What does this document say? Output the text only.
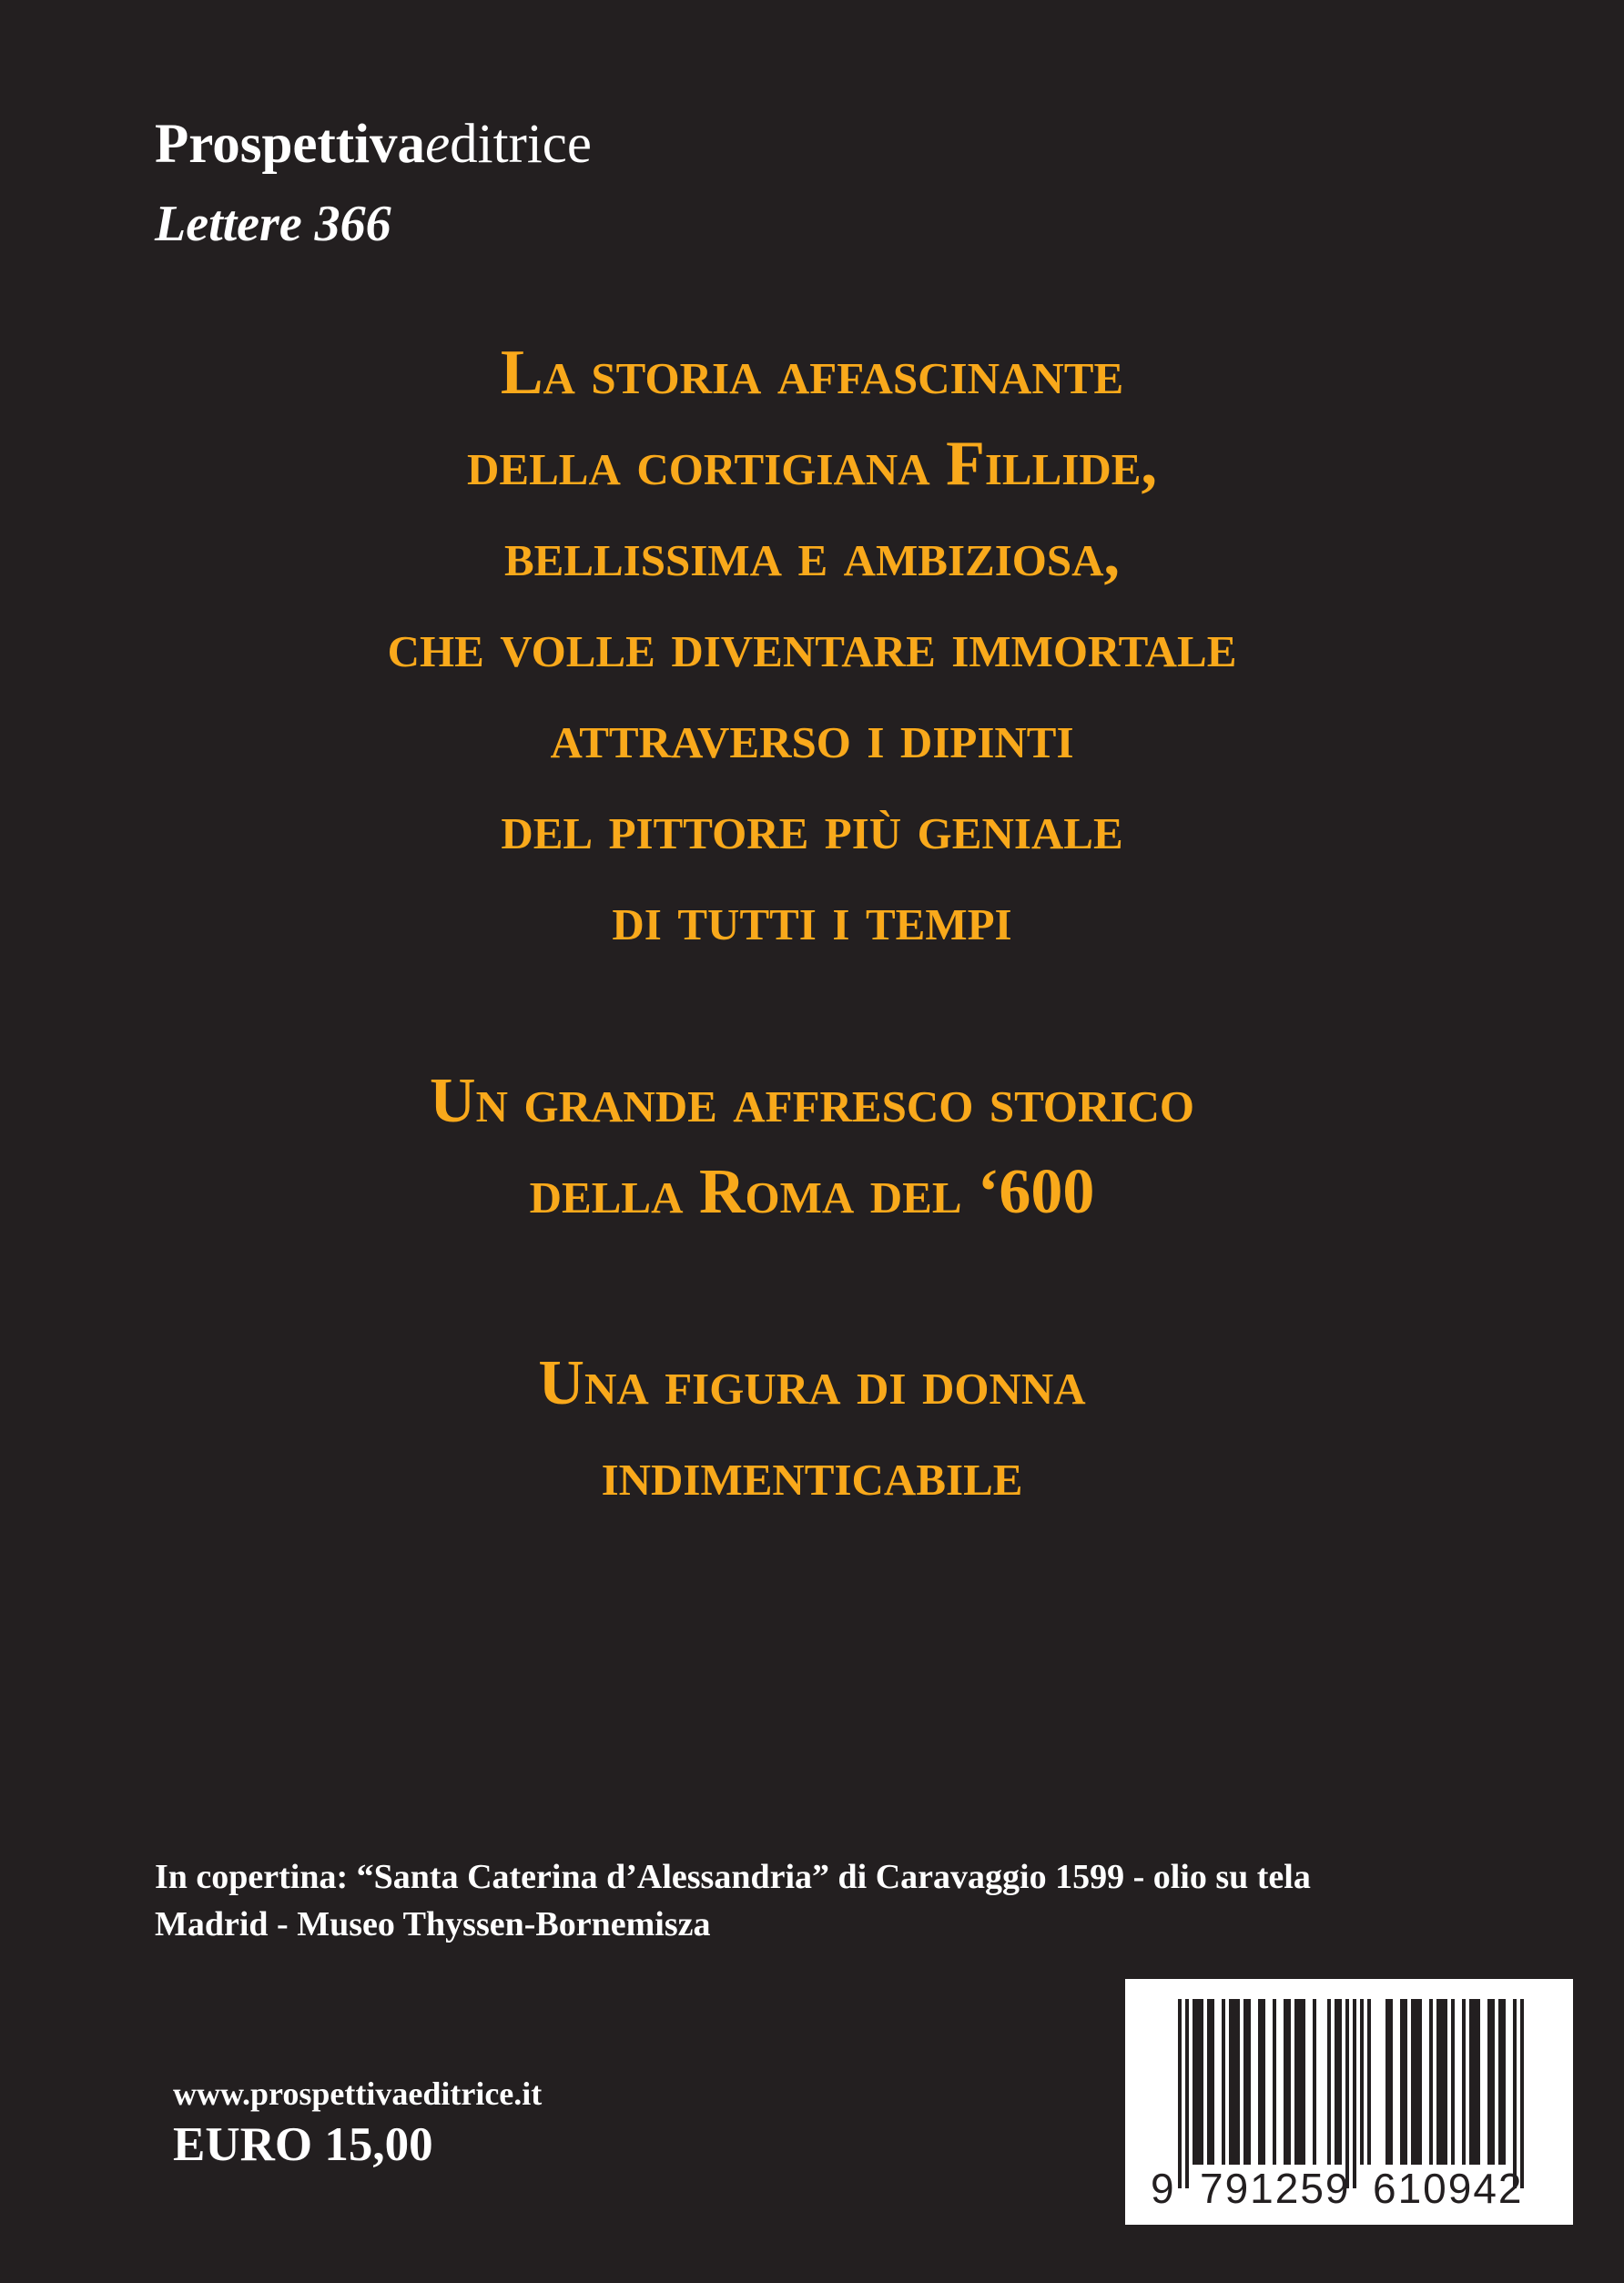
Prospettivaeditrice
Lettere 366
La storia affascinante
della cortigiana Fillide,
bellissima e ambiziosa,
che volle diventare immortale
attraverso i dipinti
del pittore più geniale
di tutti i tempi
Un grande affresco storico
della Roma del ‘600
Una figura di donna
indimenticabile
In copertina: “Santa Caterina d’Alessandria” di Caravaggio 1599 - olio su tela
Madrid - Museo Thyssen-Bornemisza
www.prospettivaeditrice.it
EURO 15,00
9 791259 610942
